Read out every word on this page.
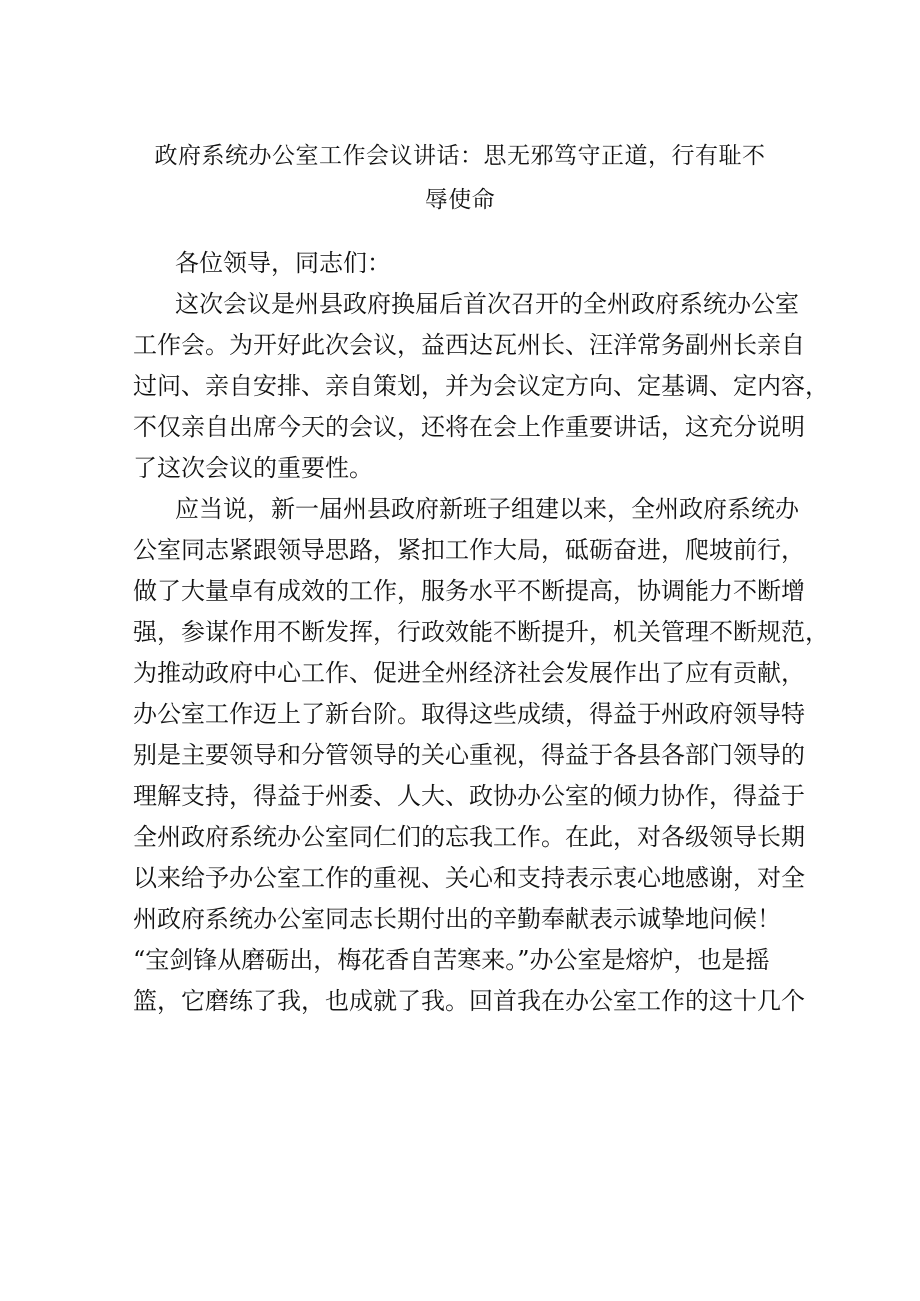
政府系统办公室工作会议讲话：思无邪笃守正道，行有耻不
辱使命
各位领导，同志们：
这次会议是州县政府换届后首次召开的全州政府系统办公室
工作会。为开好此次会议，益西达瓦州长、汪洋常务副州长亲自
过问、亲自安排、亲自策划，并为会议定方向、定基调、定内容，
不仅亲自出席今天的会议，还将在会上作重要讲话，这充分说明
了这次会议的重要性。
应当说，新一届州县政府新班子组建以来，全州政府系统办
公室同志紧跟领导思路，紧扣工作大局，砥砺奋进，爬坡前行，
做了大量卓有成效的工作，服务水平不断提高，协调能力不断增
强，参谋作用不断发挥，行政效能不断提升，机关管理不断规范，
为推动政府中心工作、促进全州经济社会发展作出了应有贡献，
办公室工作迈上了新台阶。取得这些成绩，得益于州政府领导特
别是主要领导和分管领导的关心重视，得益于各县各部门领导的
理解支持，得益于州委、人大、政协办公室的倾力协作，得益于
全州政府系统办公室同仁们的忘我工作。在此，对各级领导长期
以来给予办公室工作的重视、关心和支持表示衷心地感谢，对全
州政府系统办公室同志长期付出的辛勤奉献表示诚挚地问候！
“宝剑锋从磨砺出，梅花香自苦寒来。”办公室是熔炉，也是摇
篮，它磨练了我，也成就了我。回首我在办公室工作的这十几个
